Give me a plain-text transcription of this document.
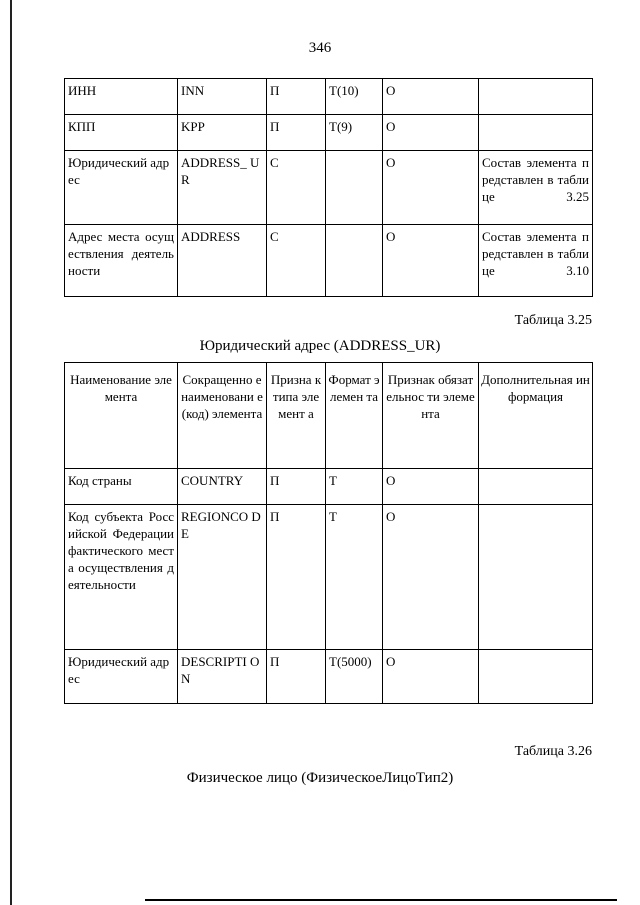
346
ИНН	INN	П	T(10)	O	
КПП	KPP	П	T(9)	O	
Юридический адрес	ADDRESS_ UR	С		O	Состав элемента представлен в таблице 3.25
Адрес места осуществления деятельности	ADDRESS	С		O	Состав элемента представлен в таблице 3.10
Таблица 3.25
Юридический адрес (ADDRESS_UR)
Наименование элемента	Сокращенно е наименовани е (код) элемента	Призна к типа элемент а	Формат элемен та	Признак обязательнос ти элемента	Дополнительная информация
Код страны	COUNTRY	П	T	O	
Код субъекта Российской Федерации фактического места осуществления деятельности	REGIONCO DE	П	T	O	
Юридический адрес	DESCRIPTI ON	П	T(5000)	O	
Таблица 3.26
Физическое лицо (ФизическоеЛицоТип2)
